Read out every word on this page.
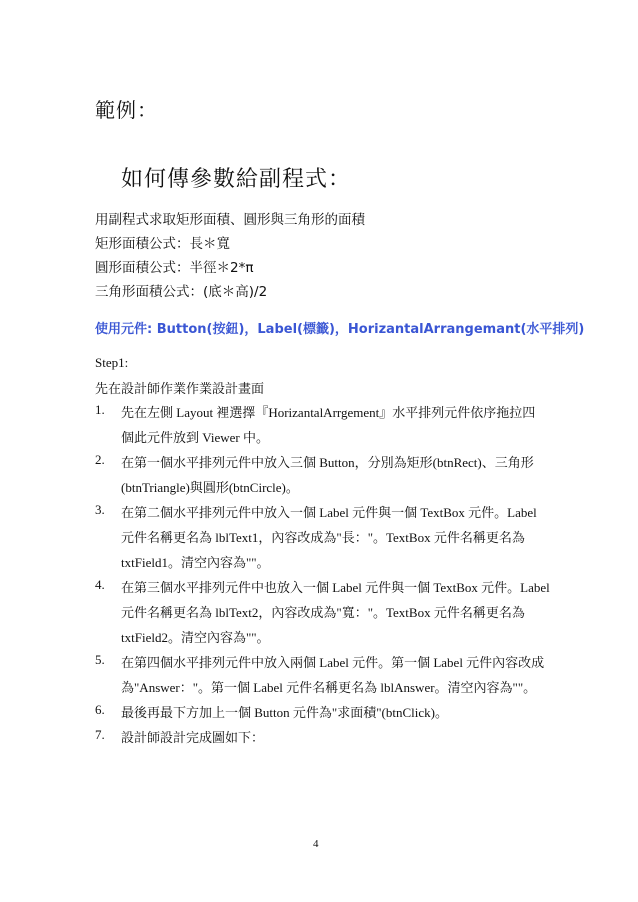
範例：
如何傳參數給副程式：
用副程式求取矩形面積、圓形與三角形的面積
矩形面積公式：長＊寬
圓形面積公式：半徑＊2*π
三角形面積公式：(底＊高)/2
使用元件: Button(按鈕)，Label(標籤)，HorizantalArrangemant(水平排列)
Step1:
先在設計師作業作業設計畫面
1. 先在左側 Layout 裡選擇『HorizantalArrgement』水平排列元件依序拖拉四
個此元件放到 Viewer 中。
2. 在第一個水平排列元件中放入三個 Button，分別為矩形(btnRect)、三角形
(btnTriangle)與圓形(btnCircle)。
3. 在第二個水平排列元件中放入一個 Label 元件與一個 TextBox 元件。Label
元件名稱更名為 lblText1，內容改成為"長："。TextBox 元件名稱更名為
txtField1。清空內容為""。
4. 在第三個水平排列元件中也放入一個 Label 元件與一個 TextBox 元件。Label
元件名稱更名為 lblText2，內容改成為"寬："。TextBox 元件名稱更名為
txtField2。清空內容為""。
5. 在第四個水平排列元件中放入兩個 Label 元件。第一個 Label 元件內容改成
為"Answer："。第一個 Label 元件名稱更名為 lblAnswer。清空內容為""。
6. 最後再最下方加上一個 Button 元件為"求面積"(btnClick)。
7. 設計師設計完成圖如下：
4
